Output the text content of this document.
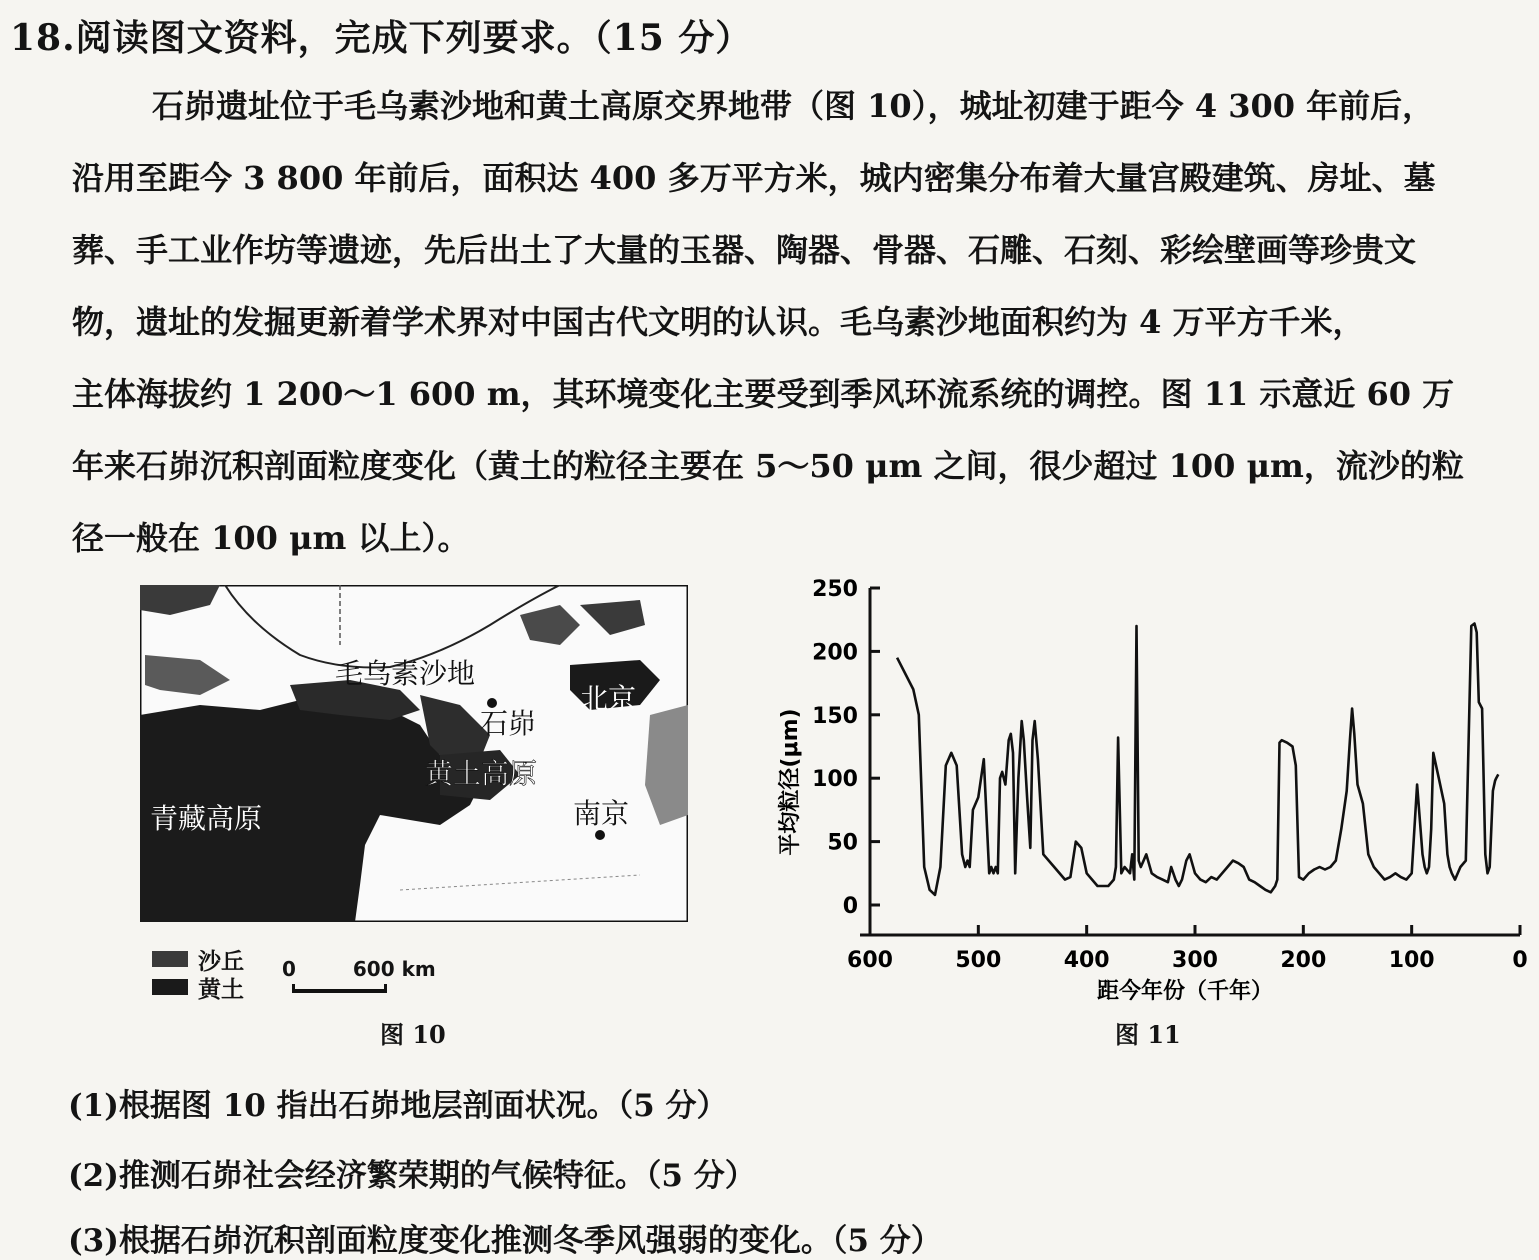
18.阅读图文资料，完成下列要求。（15 分）
石峁遗址位于毛乌素沙地和黄土高原交界地带（图 10），城址初建于距今 4 300 年前后，
沿用至距今 3 800 年前后，面积达 400 多万平方米，城内密集分布着大量宫殿建筑、房址、墓
葬、手工业作坊等遗迹，先后出土了大量的玉器、陶器、骨器、石雕、石刻、彩绘壁画等珍贵文
物，遗址的发掘更新着学术界对中国古代文明的认识。毛乌素沙地面积约为 4 万平方千米，
主体海拔约 1 200～1 600 m，其环境变化主要受到季风环流系统的调控。图 11 示意近 60 万
年来石峁沉积剖面粒度变化（黄土的粒径主要在 5～50 μm 之间，很少超过 100 μm，流沙的粒
径一般在 100 μm 以上）。
毛乌素沙地
石峁
黄土高原
青藏高原
北京
南京
沙丘
黄土
0	600 km
图 10
0
50
100
150
200
250
600	500	400	300	200	100	0
平均粒径(μm)
距今年份（千年）
图 11
(1)根据图 10 指出石峁地层剖面状况。（5 分）
(2)推测石峁社会经济繁荣期的气候特征。（5 分）
(3)根据石峁沉积剖面粒度变化推测冬季风强弱的变化。（5 分）
